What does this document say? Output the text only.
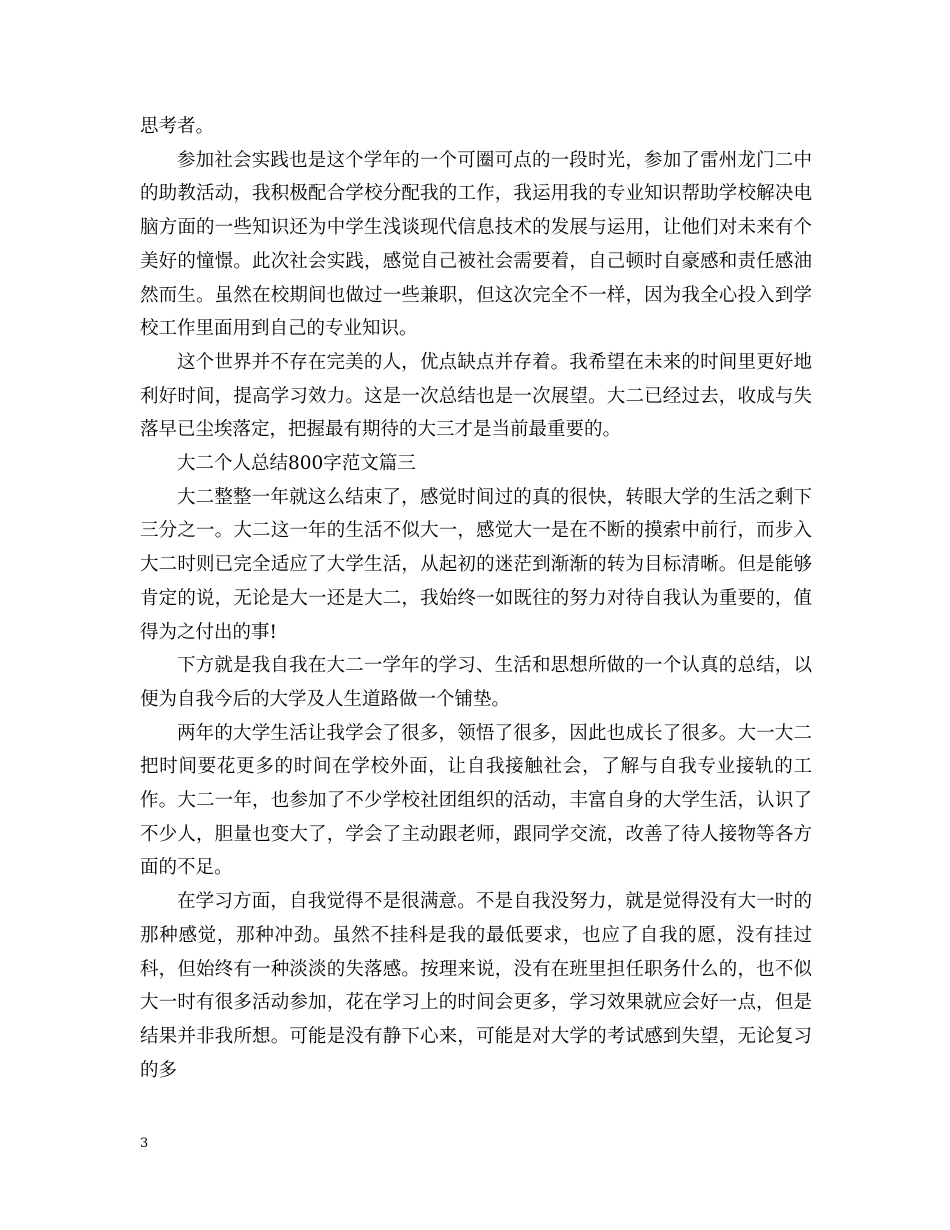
思考者。

参加社会实践也是这个学年的一个可圈可点的一段时光，参加了雷州龙门二中的助教活动，我积极配合学校分配我的工作，我运用我的专业知识帮助学校解决电脑方面的一些知识还为中学生浅谈现代信息技术的发展与运用，让他们对未来有个美好的憧憬。此次社会实践，感觉自己被社会需要着，自己顿时自豪感和责任感油然而生。虽然在校期间也做过一些兼职，但这次完全不一样，因为我全心投入到学校工作里面用到自己的专业知识。

这个世界并不存在完美的人，优点缺点并存着。我希望在未来的时间里更好地利好时间，提高学习效力。这是一次总结也是一次展望。大二已经过去，收成与失落早已尘埃落定，把握最有期待的大三才是当前最重要的。

大二个人总结800字范文篇三

大二整整一年就这么结束了，感觉时间过的真的很快，转眼大学的生活之剩下三分之一。大二这一年的生活不似大一，感觉大一是在不断的摸索中前行，而步入大二时则已完全适应了大学生活，从起初的迷茫到渐渐的转为目标清晰。但是能够肯定的说，无论是大一还是大二，我始终一如既往的努力对待自我认为重要的，值得为之付出的事!

下方就是我自我在大二一学年的学习、生活和思想所做的一个认真的总结，以便为自我今后的大学及人生道路做一个铺垫。

两年的大学生活让我学会了很多，领悟了很多，因此也成长了很多。大一大二把时间要花更多的时间在学校外面，让自我接触社会，了解与自我专业接轨的工作。大二一年，也参加了不少学校社团组织的活动，丰富自身的大学生活，认识了不少人，胆量也变大了，学会了主动跟老师，跟同学交流，改善了待人接物等各方面的不足。

在学习方面，自我觉得不是很满意。不是自我没努力，就是觉得没有大一时的那种感觉，那种冲劲。虽然不挂科是我的最低要求，也应了自我的愿，没有挂过科，但始终有一种淡淡的失落感。按理来说，没有在班里担任职务什么的，也不似大一时有很多活动参加，花在学习上的时间会更多，学习效果就应会好一点，但是结果并非我所想。可能是没有静下心来，可能是对大学的考试感到失望，无论复习的多

3
